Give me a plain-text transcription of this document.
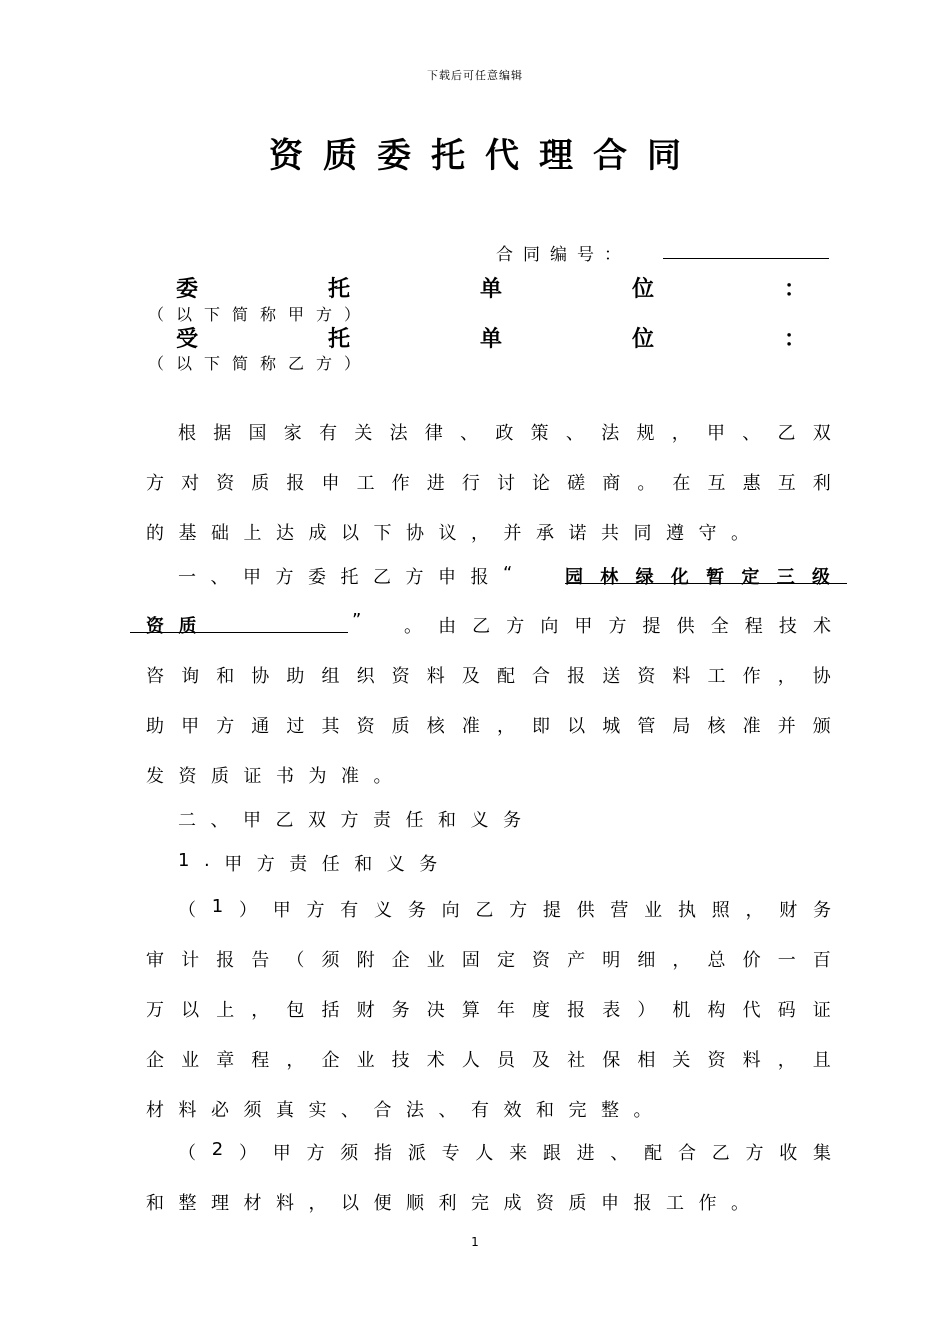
下载后可任意编辑
资质委托代理合同
合同编号：
委	托	单	位	：
（以下简称甲方）
受	托	单	位	：
（以下简称乙方）
根 据 国 家 有 关 法 律 、 政 策 、 法 规 ， 甲 、 乙 双
方 对 资 质 报 申 工 作 进 行 讨 论 磋 商 。 在 互 惠 互 利
的 基 础 上 达 成 以 下 协 议 ， 并 承 诺 共 同 遵 守 。
一 、 甲 方 委 托 乙 方 申 报 “	园 林 绿 化 暂 定 三 级
资 质	” 。 由 乙 方 向 甲 方 提 供 全 程 技 术
咨 询 和 协 助 组 织 资 料 及 配 合 报 送 资 料 工 作 ， 协
助 甲 方 通 过 其 资 质 核 准 ， 即 以 城 管 局 核 准 并 颁
发 资 质 证 书 为 准 。
二 、 甲 乙 双 方 责 任 和 义 务
1 . 甲 方 责 任 和 义 务
（ 1 ） 甲 方 有 义 务 向 乙 方 提 供 营 业 执 照 ， 财 务
审 计 报 告 （ 须 附 企 业 固 定 资 产 明 细 ， 总 价 一 百
万 以 上 ， 包 括 财 务 决 算 年 度 报 表 ） 机 构 代 码 证
企 业 章 程 ， 企 业 技 术 人 员 及 社 保 相 关 资 料 ， 且
材 料 必 须 真 实 、 合 法 、 有 效 和 完 整 。
（ 2 ） 甲 方 须 指 派 专 人 来 跟 进 、 配 合 乙 方 收 集
和 整 理 材 料 ， 以 便 顺 利 完 成 资 质 申 报 工 作 。
1
